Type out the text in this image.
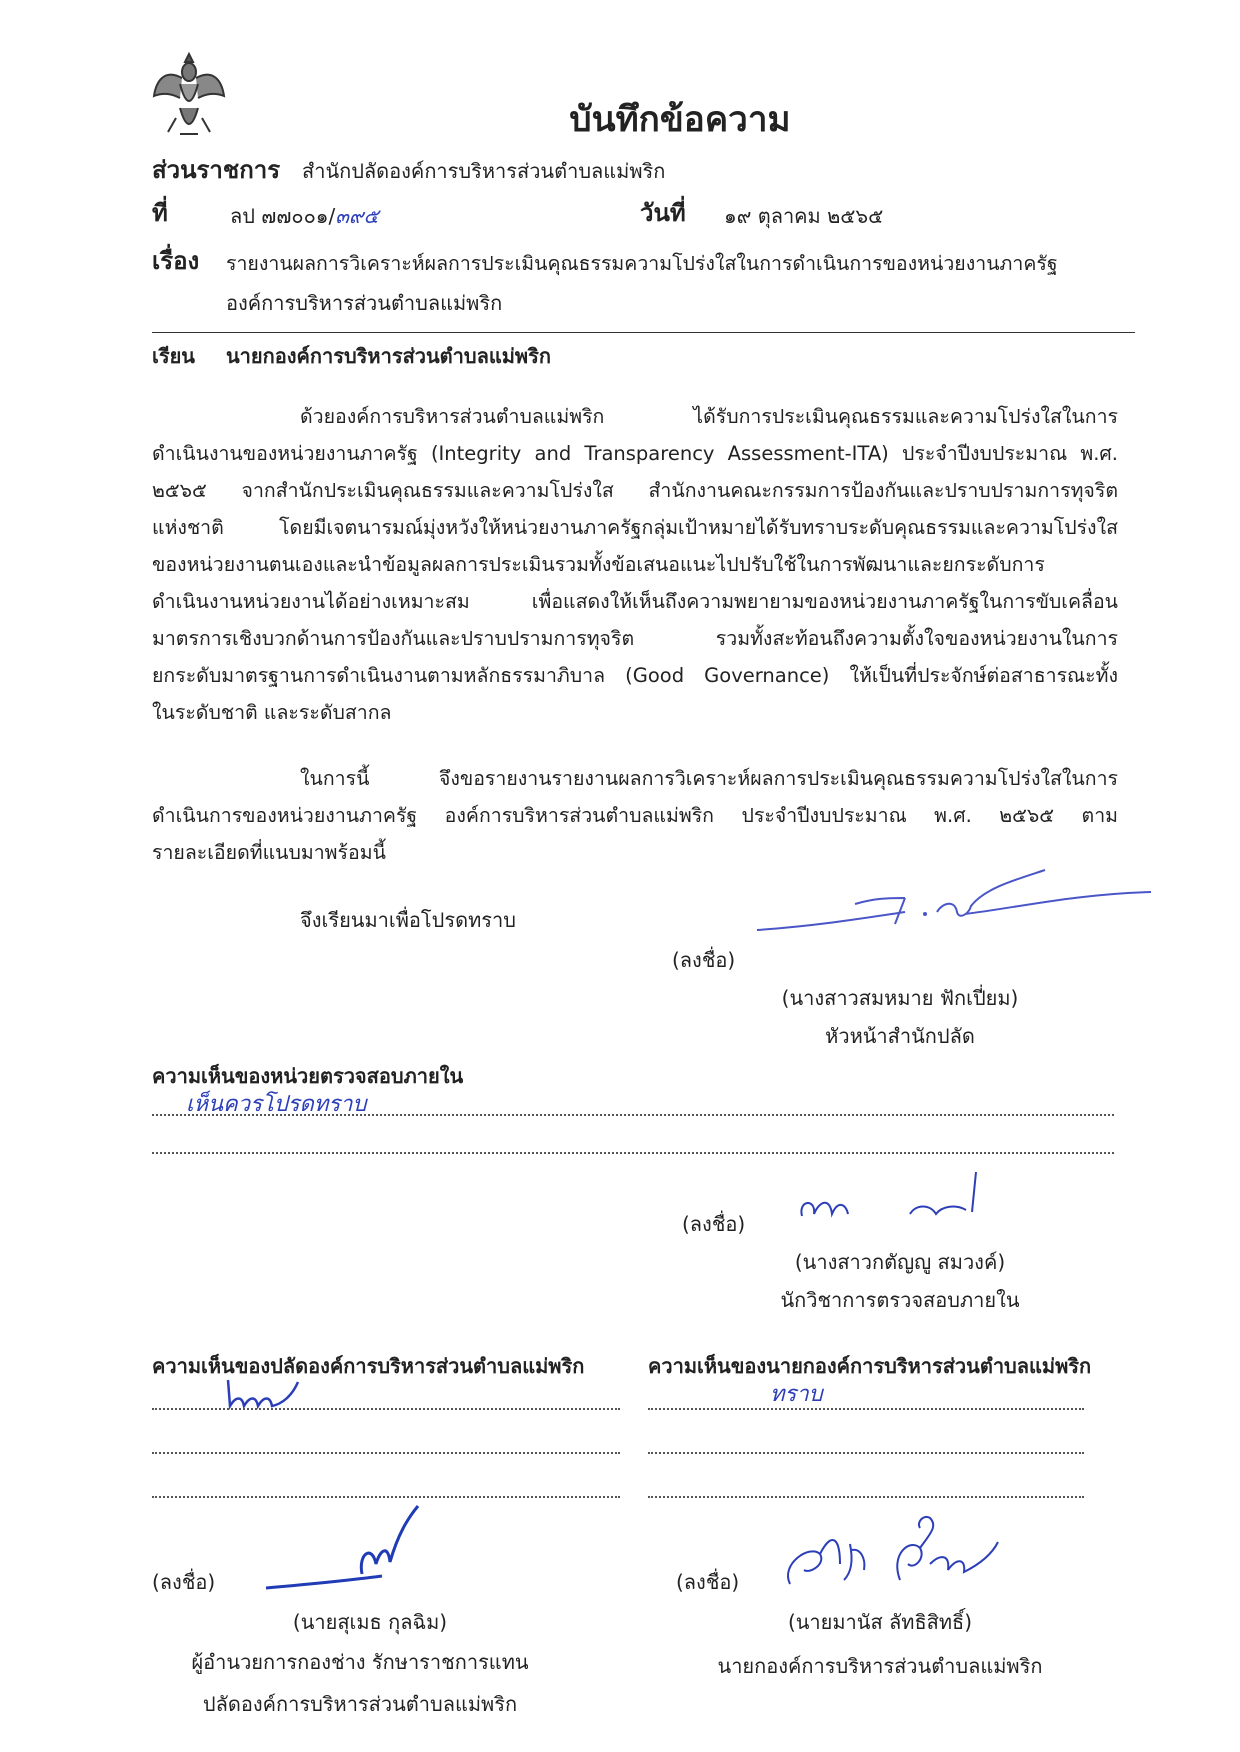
บันทึกข้อความ
ส่วนราชการ สำนักปลัดองค์การบริหารส่วนตำบลแม่พริก
ที่	ลป ๗๗๐๐๑/๓๙๕	วันที่ ๑๙ ตุลาคม ๒๕๖๕
เรื่อง รายงานผลการวิเคราะห์ผลการประเมินคุณธรรมความโปร่งใสในการดำเนินการของหน่วยงานภาครัฐ
องค์การบริหารส่วนตำบลแม่พริก
เรียน นายกองค์การบริหารส่วนตำบลแม่พริก
ด้วยองค์การบริหารส่วนตำบลแม่พริก ได้รับการประเมินคุณธรรมและความโปร่งใสในการ
ดำเนินงานของหน่วยงานภาครัฐ (Integrity and Transparency Assessment-ITA) ประจำปีงบประมาณ พ.ศ.
๒๕๖๕ จากสำนักประเมินคุณธรรมและความโปร่งใส สำนักงานคณะกรรมการป้องกันและปราบปรามการทุจริต
แห่งชาติ โดยมีเจตนารมณ์มุ่งหวังให้หน่วยงานภาครัฐกลุ่มเป้าหมายได้รับทราบระดับคุณธรรมและความโปร่งใส
ของหน่วยงานตนเองและนำข้อมูลผลการประเมินรวมทั้งข้อเสนอแนะไปปรับใช้ในการพัฒนาและยกระดับการ
ดำเนินงานหน่วยงานได้อย่างเหมาะสม เพื่อแสดงให้เห็นถึงความพยายามของหน่วยงานภาครัฐในการขับเคลื่อน
มาตรการเชิงบวกด้านการป้องกันและปราบปรามการทุจริต รวมทั้งสะท้อนถึงความตั้งใจของหน่วยงานในการ
ยกระดับมาตรฐานการดำเนินงานตามหลักธรรมาภิบาล (Good Governance) ให้เป็นที่ประจักษ์ต่อสาธารณะทั้ง
ในระดับชาติ และระดับสากล
ในการนี้ จึงขอรายงานรายงานผลการวิเคราะห์ผลการประเมินคุณธรรมความโปร่งใสในการ
ดำเนินการของหน่วยงานภาครัฐ องค์การบริหารส่วนตำบลแม่พริก ประจำปีงบประมาณ พ.ศ. ๒๕๖๕ ตาม
รายละเอียดที่แนบมาพร้อมนี้
จึงเรียนมาเพื่อโปรดทราบ
(ลงชื่อ)
(นางสาวสมหมาย ฟักเปี่ยม)
หัวหน้าสำนักปลัด
ความเห็นของหน่วยตรวจสอบภายใน
เห็นควรโปรดทราบ
(ลงชื่อ)
(นางสาวกตัญญู สมวงค์)
นักวิชาการตรวจสอบภายใน
ความเห็นของปลัดองค์การบริหารส่วนตำบลแม่พริก	ความเห็นของนายกองค์การบริหารส่วนตำบลแม่พริก
ทราบ
(ลงชื่อ)
(นายสุเมธ กุลฉิม)
ผู้อำนวยการกองช่าง รักษาราชการแทน
ปลัดองค์การบริหารส่วนตำบลแม่พริก
(ลงชื่อ)
(นายมานัส ลัทธิสิทธิ์)
นายกองค์การบริหารส่วนตำบลแม่พริก
